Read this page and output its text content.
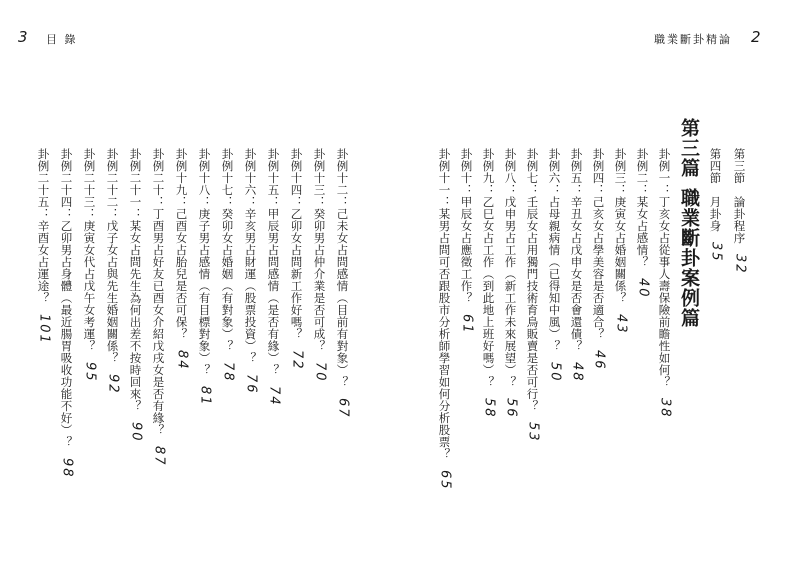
3 目 錄
卦例十二：己未女占問感情（目前有對象）？67
卦例十三：癸卯男占仲介業是否可成？70
卦例十四：乙卯女占問新工作好嗎？72
卦例十五：甲辰男占問感情（是否有緣）？74
卦例十六：辛亥男占財運（股票投資）？76
卦例十七：癸卯女占婚姻（有對象）？78
卦例十八：庚子男占感情（有目標對象）？81
卦例十九：己酉女占胎兒是否可保？84
卦例二十：丁酉男占好友已酉女介紹戊戌女是否有緣？87
卦例二十一：某女占問先生為何出差不按時回來？90
卦例二十二：戊子女占與先生婚姻關係？92
卦例二十三：庚寅女代占戊午女考運？95
卦例二十四：乙卯男占身體（最近腸胃吸收功能不好）？98
卦例二十五：辛酉女占運途？101
職業斷卦精論 2
第三節　論卦程序32
第四節　月卦身35
第三篇職業斷卦案例篇
卦例一：丁亥女占從事人壽保險前瞻性如何？38
卦例二：某女占感情？40
卦例三：庚寅女占婚姻關係？43
卦例四：己亥女占學美容是否適合？46
卦例五：辛丑女占戊申女是否會還債？48
卦例六：占母親病情（已得知中風）？50
卦例七：壬辰女占用獨門技術育鳥販賣是否可行？53
卦例八：戊申男占工作（新工作未來展望）？56
卦例九：乙巳女占工作（到此地上班好嗎）？58
卦例十：甲辰女占應徵工作？61
卦例十一：某男占問可否跟股市分析師學習如何分析股票？65
